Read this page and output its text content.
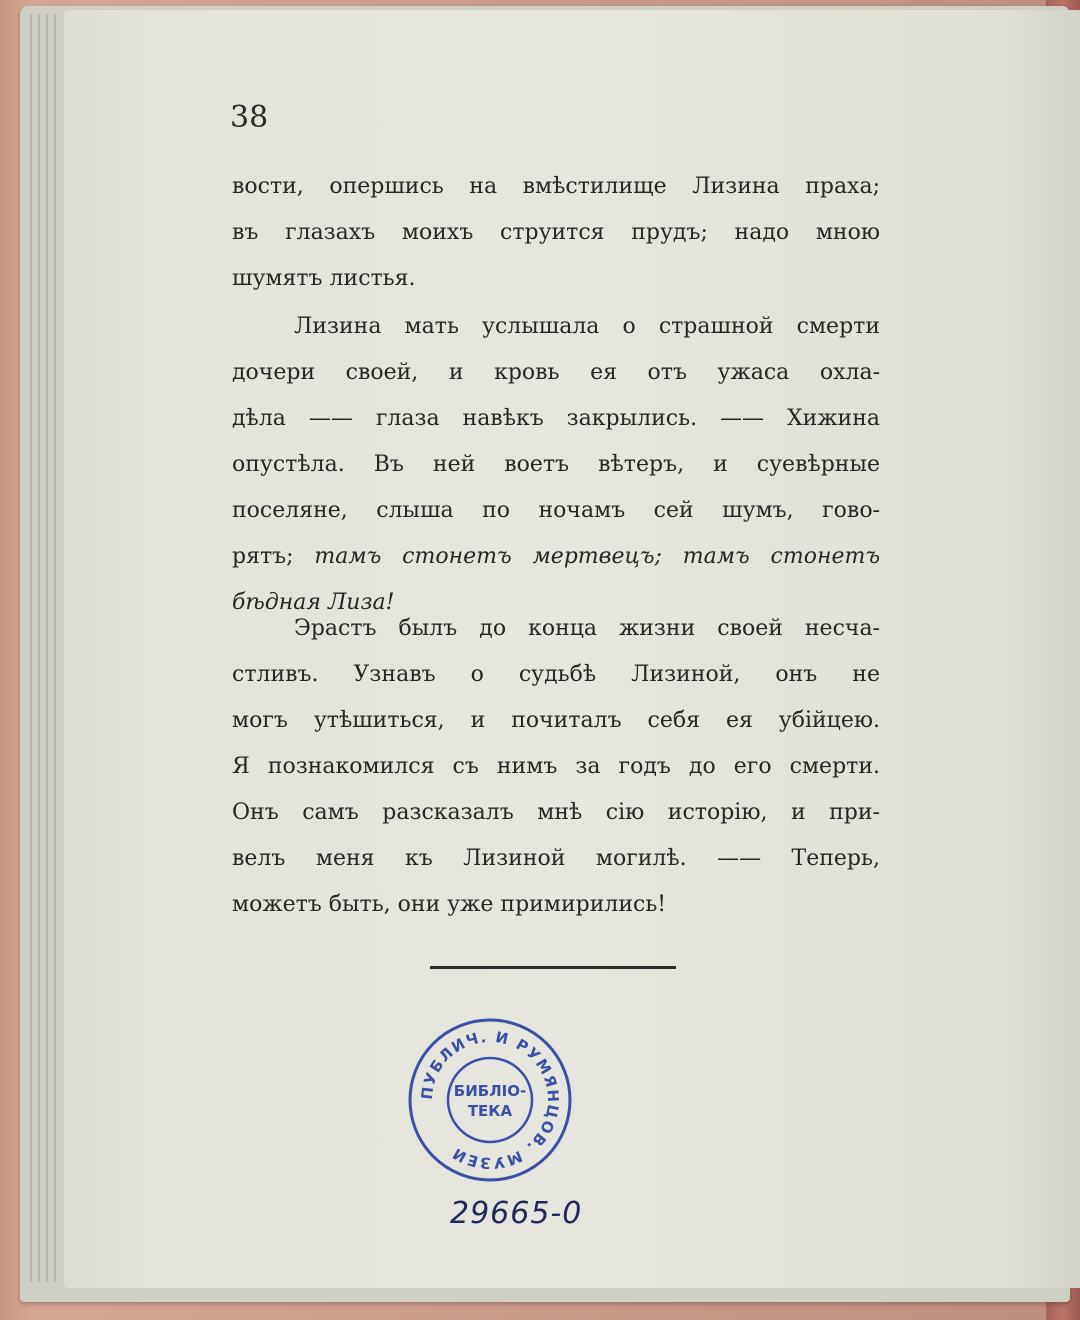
38
вости, опершись на вмѣстилище Лизина праха;
въ глазахъ моихъ струится прудъ; надо мною
шумятъ листья.
Лизина мать услышала о страшной смерти
дочери своей, и кровь ея отъ ужаса охла-
дѣла —— глаза навѣкъ закрылись. —— Хижина
опустѣла. Въ ней воетъ вѣтеръ, и суевѣрные
поселяне, слыша по ночамъ сей шумъ, гово-
рятъ; тамъ стонетъ мертвецъ; тамъ стонетъ
бѣдная Лиза!
Эрастъ былъ до конца жизни своей несча-
стливъ. Узнавъ о судьбѣ Лизиной, онъ не
могъ утѣшиться, и почиталъ себя ея убійцею.
Я познакомился съ нимъ за годъ до его смерти.
Онъ самъ разсказалъ мнѣ сію исторію, и при-
велъ меня къ Лизиной могилѣ. —— Теперь,
можетъ быть, они уже примирились!
ПУБЛИЧ. И РУМЯНЦОВ. МУЗЕИ
БИБЛІО-
ТЕКА
29665-0
